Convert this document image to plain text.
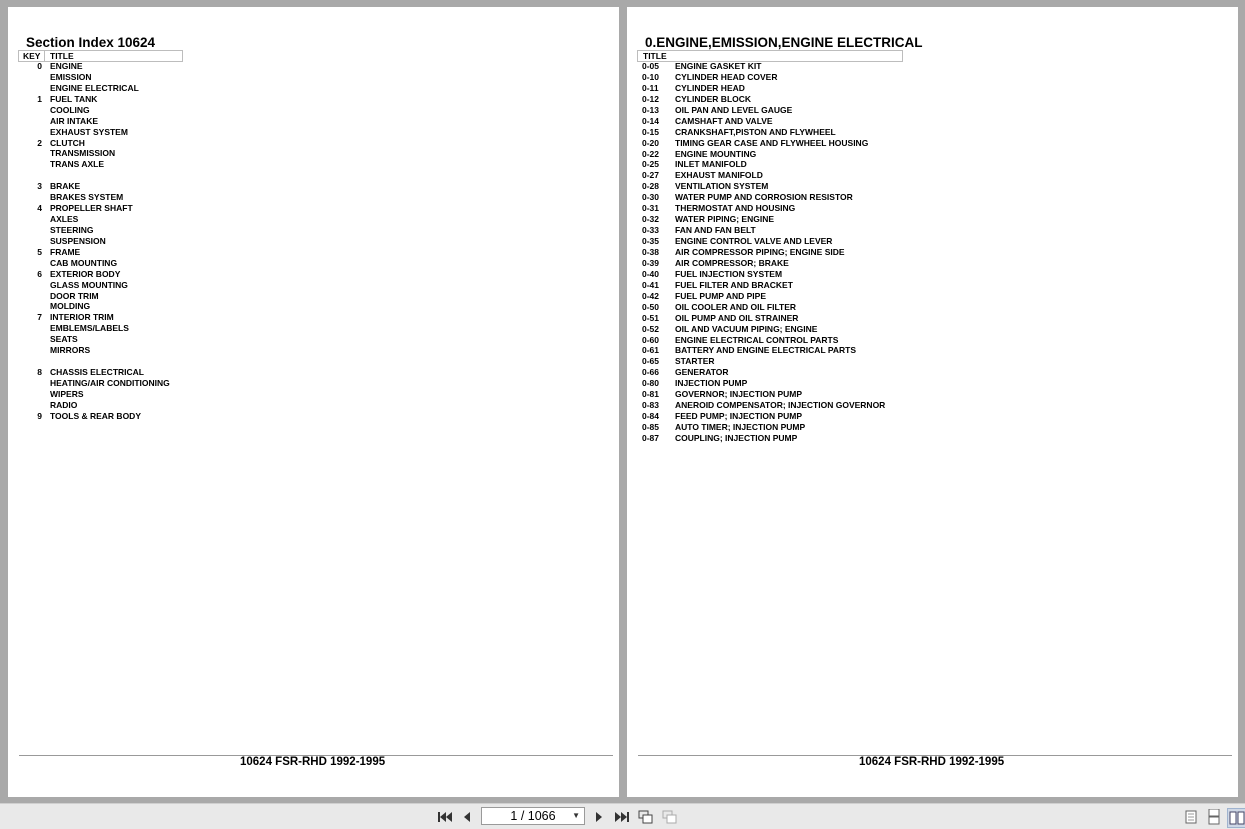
Section Index 10624
KEY TITLE
0 ENGINE
EMISSION
ENGINE ELECTRICAL
1 FUEL TANK
COOLING
AIR INTAKE
EXHAUST SYSTEM
2 CLUTCH
TRANSMISSION
TRANS AXLE
3 BRAKE
BRAKES SYSTEM
4 PROPELLER SHAFT
AXLES
STEERING
SUSPENSION
5 FRAME
CAB MOUNTING
6 EXTERIOR BODY
GLASS MOUNTING
DOOR TRIM
MOLDING
7 INTERIOR TRIM
EMBLEMS/LABELS
SEATS
MIRRORS
8 CHASSIS ELECTRICAL
HEATING/AIR CONDITIONING
WIPERS
RADIO
9 TOOLS & REAR BODY
10624 FSR-RHD 1992-1995
0.ENGINE,EMISSION,ENGINE ELECTRICAL
TITLE
0-05	ENGINE GASKET KIT
0-10	CYLINDER HEAD COVER
0-11	CYLINDER HEAD
0-12	CYLINDER BLOCK
0-13	OIL PAN AND LEVEL GAUGE
0-14	CAMSHAFT AND VALVE
0-15	CRANKSHAFT,PISTON AND FLYWHEEL
0-20	TIMING GEAR CASE AND FLYWHEEL HOUSING
0-22	ENGINE MOUNTING
0-25	INLET MANIFOLD
0-27	EXHAUST MANIFOLD
0-28	VENTILATION SYSTEM
0-30	WATER PUMP AND CORROSION RESISTOR
0-31	THERMOSTAT AND HOUSING
0-32	WATER PIPING; ENGINE
0-33	FAN AND FAN BELT
0-35	ENGINE CONTROL VALVE AND LEVER
0-38	AIR COMPRESSOR PIPING; ENGINE SIDE
0-39	AIR COMPRESSOR; BRAKE
0-40	FUEL INJECTION SYSTEM
0-41	FUEL FILTER AND BRACKET
0-42	FUEL PUMP AND PIPE
0-50	OIL COOLER AND OIL FILTER
0-51	OIL PUMP AND OIL STRAINER
0-52	OIL AND VACUUM PIPING; ENGINE
0-60	ENGINE ELECTRICAL CONTROL PARTS
0-61	BATTERY AND ENGINE ELECTRICAL PARTS
0-65	STARTER
0-66	GENERATOR
0-80	INJECTION PUMP
0-81	GOVERNOR; INJECTION PUMP
0-83	ANEROID COMPENSATOR; INJECTION GOVERNOR
0-84	FEED PUMP; INJECTION PUMP
0-85	AUTO TIMER; INJECTION PUMP
0-87	COUPLING; INJECTION PUMP
10624 FSR-RHD 1992-1995
1 / 1066 ▼
